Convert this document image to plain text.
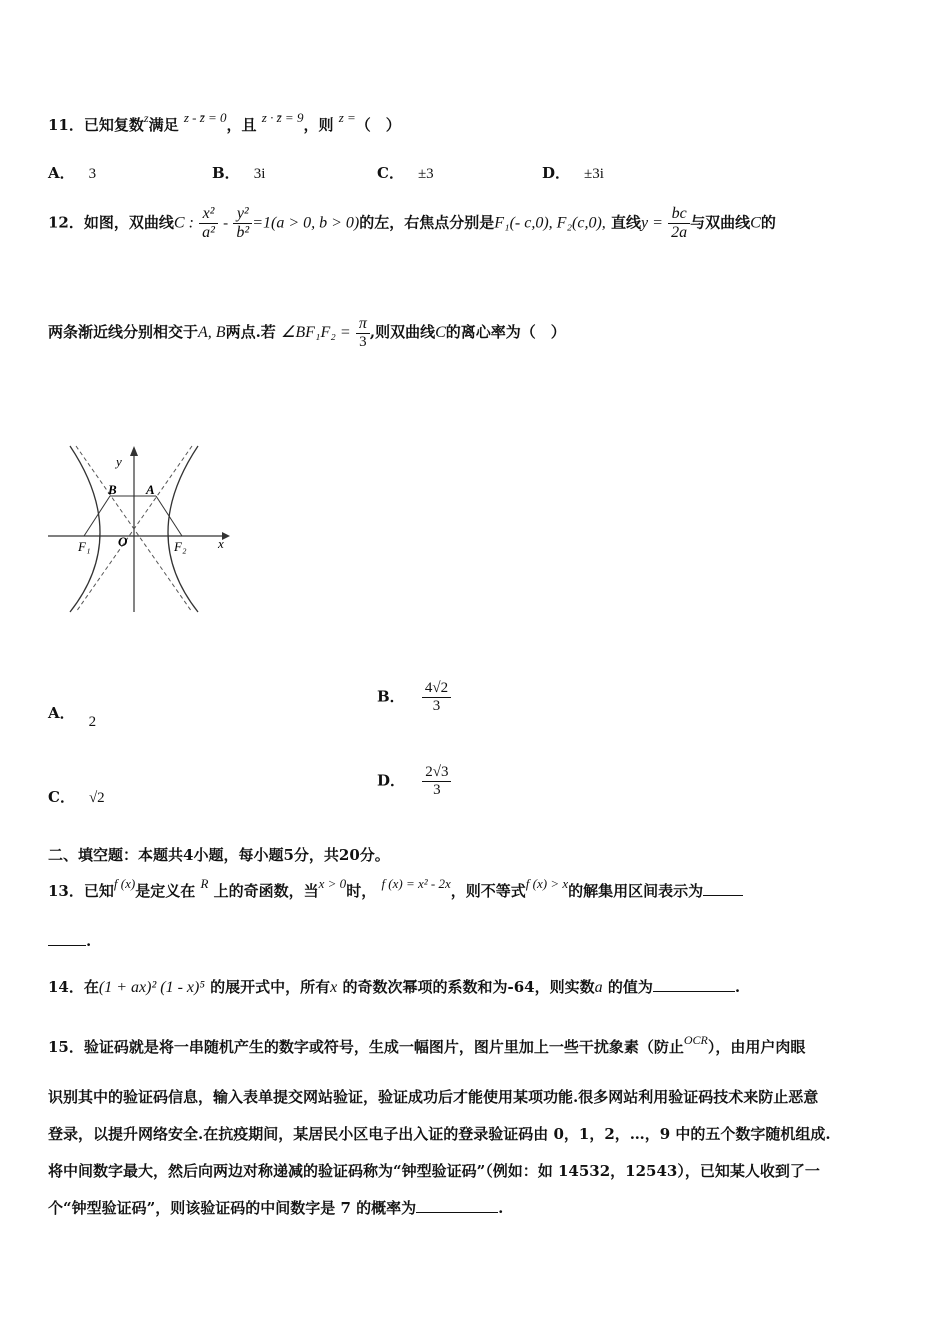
11．已知复数$^z$满足 z - z̄ = 0，且 z · z̄ = 9，则 z =（　）
A． 3	B． 3i	C． ±3	D． ±3i
12．如图，双曲线C : $\frac{\text{x²}}{\text{a²}} - \frac{\text{y²}}{\text{b²}} =1(a > 0$, b > 0)的左，右焦点分别是F₁(- c,0), F₂(c,0), 直线$y = \frac{bc}{2a}$ 与双曲线C的
两条渐近线分别相交于A, B两点.若 ∠BF₁F₂ = $\frac{\pi}{3}$ ,则双曲线C的离心率为（　）
y
x
B A
O
F₁	F₂
A． 2
B． $\frac{4√2}{3}$
C． √2
D． $\frac{2√3}{3}$
二、填空题：本题共4小题，每小题5分，共20分。
13．已知f (x)是定义在 R 上的奇函数，当x > 0时， f (x) = x² - 2x，则不等式f (x) > x的解集用区间表示为
.
14．在(1 + ax)² (1 - x)⁵ 的展开式中，所有x 的奇数次幂项的系数和为-64，则实数a 的值为	.
15．验证码就是将一串随机产生的数字或符号，生成一幅图片，图片里加上一些干扰象素（防止$^{OCR}$），由用户肉眼
识别其中的验证码信息，输入表单提交网站验证，验证成功后才能使用某项功能.很多网站利用验证码技术来防止恶意
登录，以提升网络安全.在抗疫期间，某居民小区电子出入证的登录验证码由 0，1，2，…，9 中的五个数字随机组成.
将中间数字最大，然后向两边对称递减的验证码称为“钟型验证码”（例如：如 14532，12543），已知某人收到了一
个“钟型验证码”，则该验证码的中间数字是 7 的概率为	.
